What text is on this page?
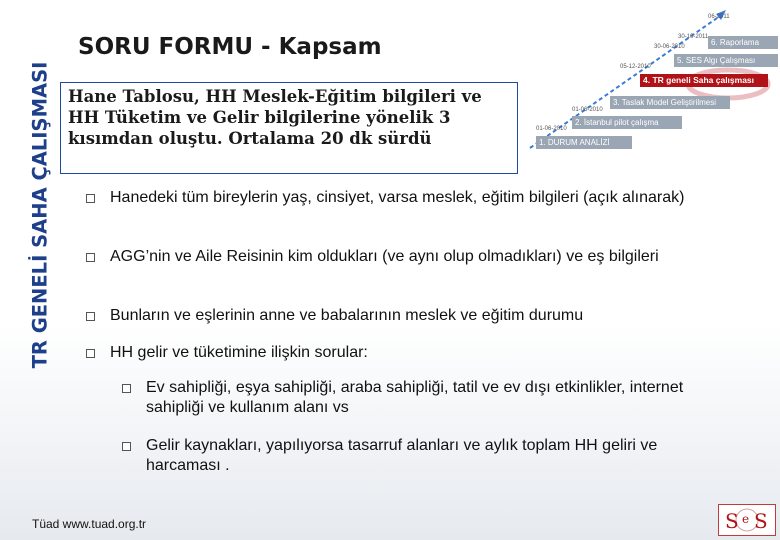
TR GENELİ SAHA ÇALIŞMASI
SORU FORMU - Kapsam
Hane Tablosu, HH Meslek-Eğitim bilgileri ve HH Tüketim ve Gelir bilgilerine yönelik 3 kısımdan oluştu. Ortalama 20 dk sürdü	1. DURUM ANALİZİ
01-06-2010
2. İstanbul pilot çalışma
01-06-2010
3. Taslak Model Geliştirilmesi
4. TR geneli Saha çalışması
05-12-2010
5. SES Algı Çalışması
30-06-2010	6. Raporlama
30-10-2011
06-2011
Hanedeki tüm bireylerin yaş, cinsiyet, varsa meslek, eğitim bilgileri (açık alınarak)
AGG’nin ve Aile Reisinin kim oldukları (ve aynı olup olmadıkları) ve eş bilgileri
Bunların ve eşlerinin anne ve babalarının meslek ve eğitim durumu
HH gelir ve tüketimine ilişkin sorular:
Ev sahipliği, eşya sahipliği, araba sahipliği, tatil ve ev dışı etkinlikler, internet sahipliği ve kullanım alanı vs
Gelir kaynakları, yapılıyorsa tasarruf alanları ve aylık toplam HH geliri ve harcaması .
Tüad www.tuad.org.tr	S e S
